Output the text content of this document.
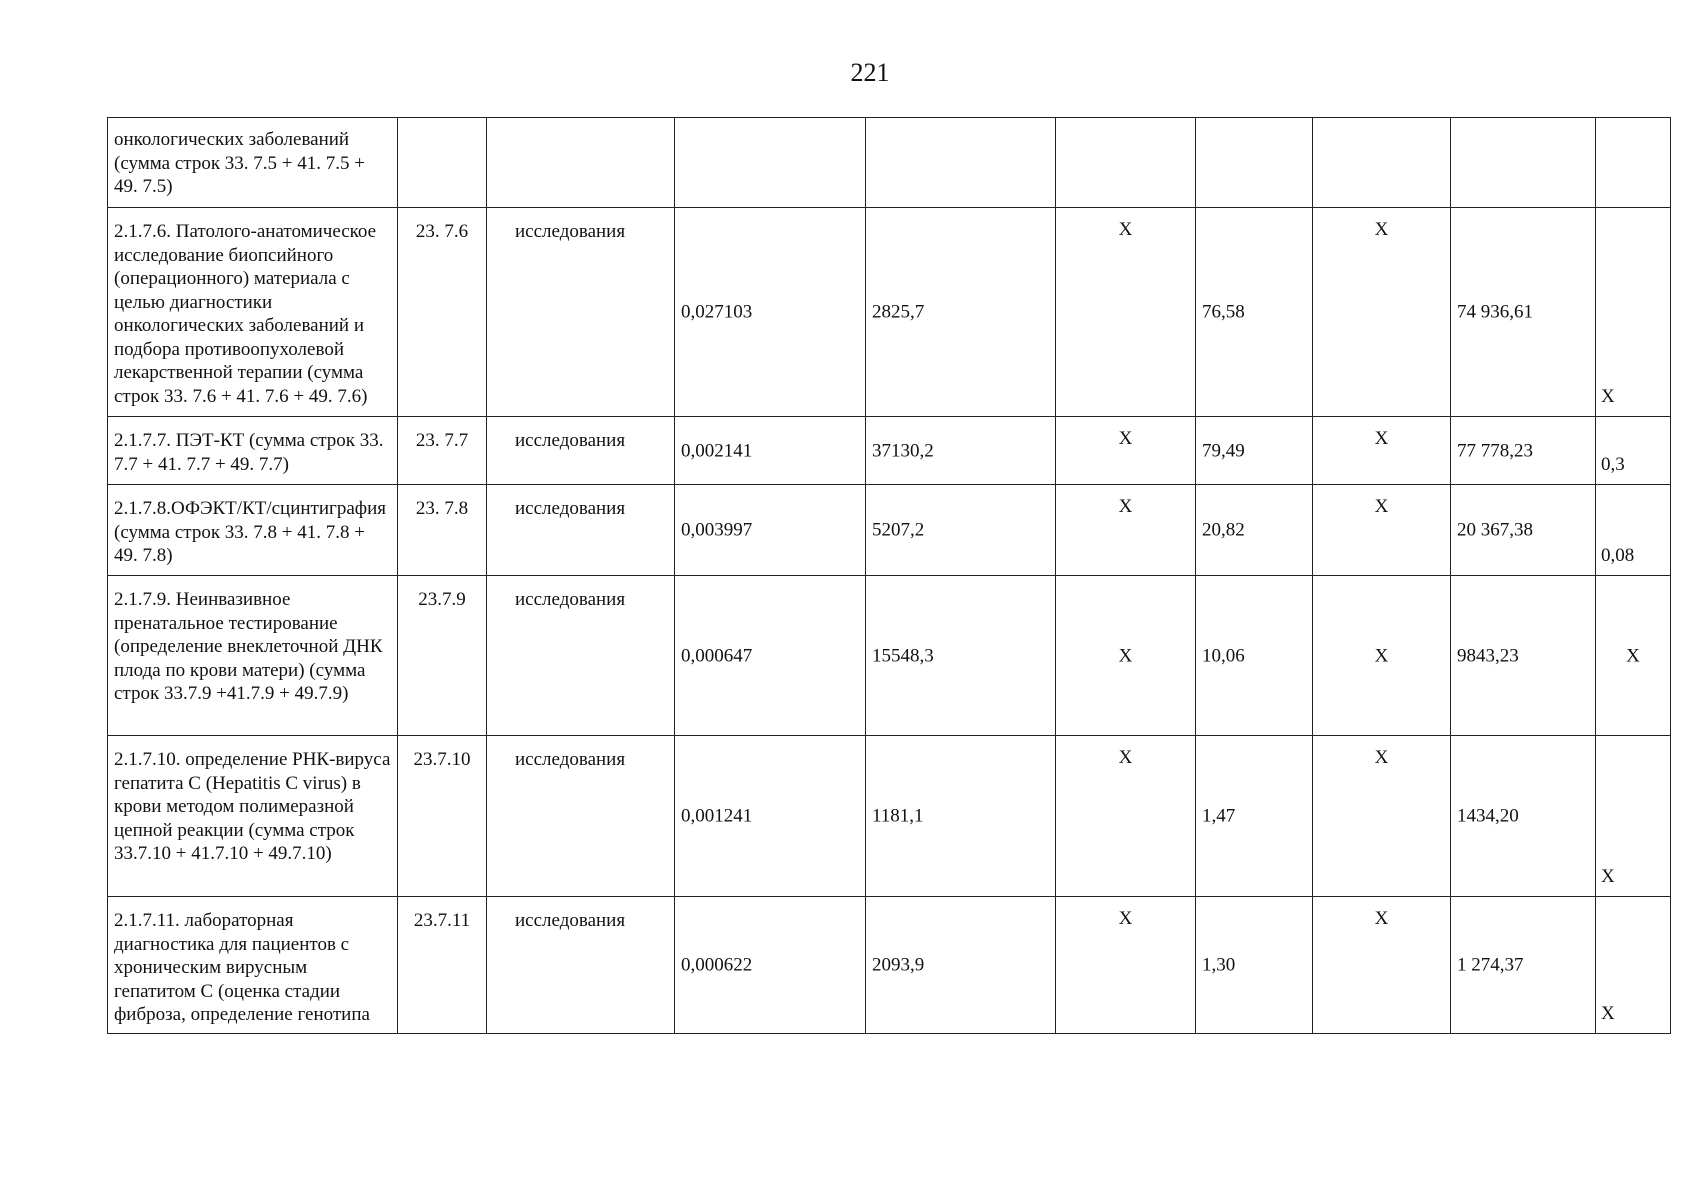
221
онкологических заболеваний (сумма строк 33. 7.5 + 41. 7.5 + 49. 7.5)									

2.1.7.6. Патолого-анатомическое исследование биопсийного (операционного) материала с целью диагностики онкологических заболеваний и подбора противоопухолевой лекарственной терапии (сумма строк 33. 7.6 + 41. 7.6 + 49. 7.6)	23. 7.6	исследования	0,027103	2825,7	Х	76,58	Х	74 936,61	Х

2.1.7.7. ПЭТ-КТ (сумма строк 33. 7.7 + 41. 7.7 + 49. 7.7)	23. 7.7	исследования	0,002141	37130,2	Х	79,49	Х	77 778,23	0,3

2.1.7.8.ОФЭКТ/КТ/сцинтиграфия (сумма строк 33. 7.8 + 41. 7.8 + 49. 7.8)	23. 7.8	исследования	0,003997	5207,2	Х	20,82	Х	20 367,38	0,08

2.1.7.9. Неинвазивное пренатальное тестирование (определение внеклеточной ДНК плода по крови матери) (сумма строк 33.7.9 +41.7.9 + 49.7.9)	23.7.9	исследования	0,000647	15548,3	Х	10,06	Х	9843,23	Х

2.1.7.10. определение РНК-вируса гепатита С (Hepatitis С virus) в крови методом полимеразной цепной реакции (сумма строк 33.7.10 + 41.7.10 + 49.7.10)	23.7.10	исследования	0,001241	1181,1	Х	1,47	Х	1434,20	Х

2.1.7.11. лабораторная диагностика для пациентов с хроническим вирусным гепатитом С (оценка стадии фиброза, определение генотипа	23.7.11	исследования	0,000622	2093,9	Х	1,30	Х	1 274,37	Х
